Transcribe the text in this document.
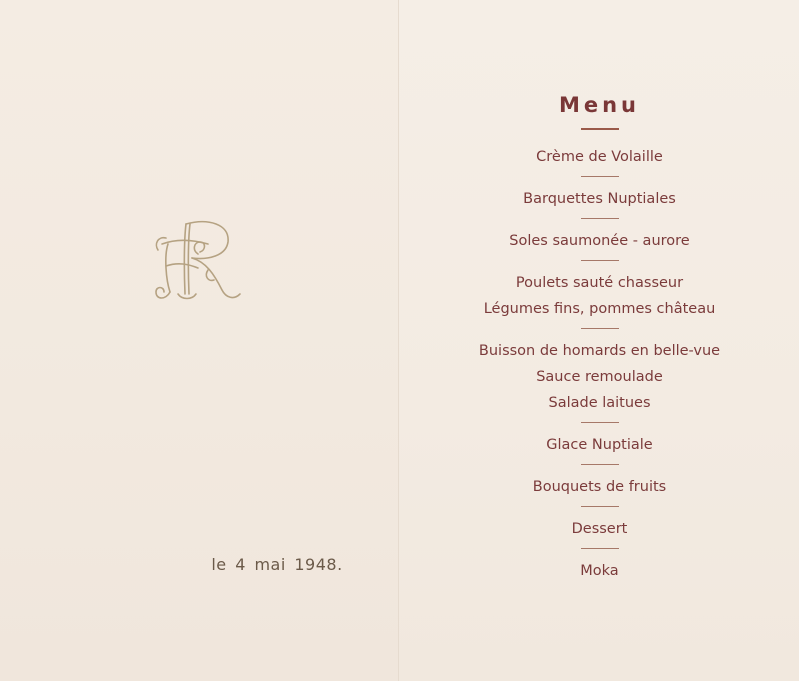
le 4 mai 1948.
Menu
Crème de Volaille
Barquettes Nuptiales
Soles saumonée - aurore
Poulets sauté chasseur
Légumes fins, pommes château
Buisson de homards en belle-vue
Sauce remoulade
Salade laitues
Glace Nuptiale
Bouquets de fruits
Dessert
Moka
